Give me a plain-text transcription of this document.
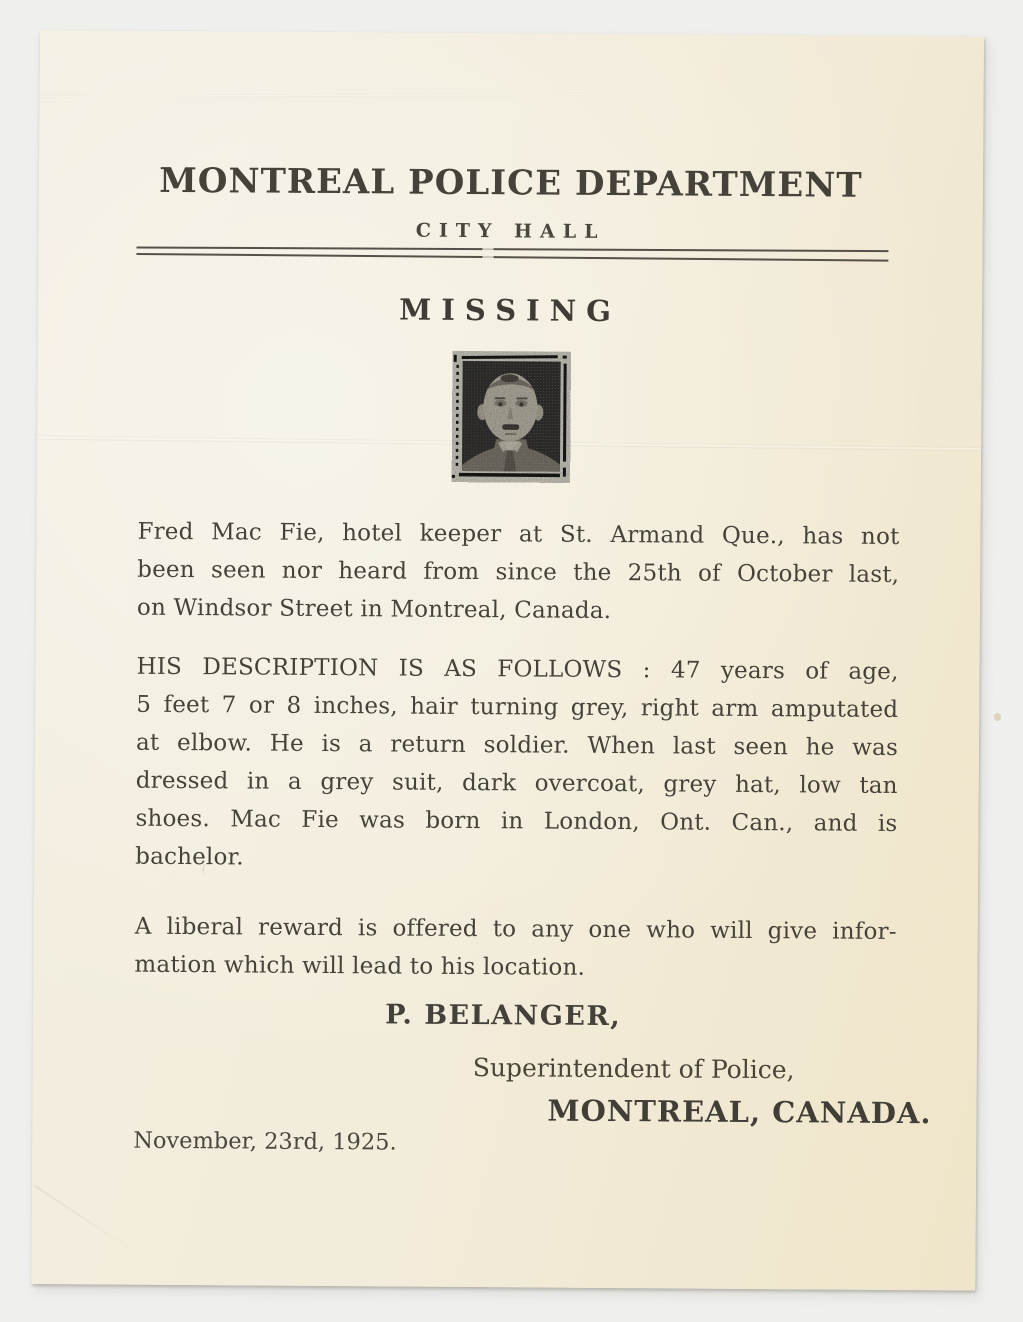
MONTREAL POLICE DEPARTMENT
CITY HALL
MISSING
Fred Mac Fie, hotel keeper at St. Armand Que., has not
been seen nor heard from since the 25th of October last,
on Windsor Street in Montreal, Canada.
HIS DESCRIPTION IS AS FOLLOWS : 47 years of age,
5 feet 7 or 8 inches, hair turning grey, right arm amputated
at elbow. He is a return soldier. When last seen he was
dressed in a grey suit, dark overcoat, grey hat, low tan
shoes. Mac Fie was born in London, Ont. Can., and is
bachelor.
A liberal reward is offered to any one who will give infor-
mation which will lead to his location.
P. BELANGER,
Superintendent of Police,
MONTREAL, CANADA.
November, 23rd, 1925.
